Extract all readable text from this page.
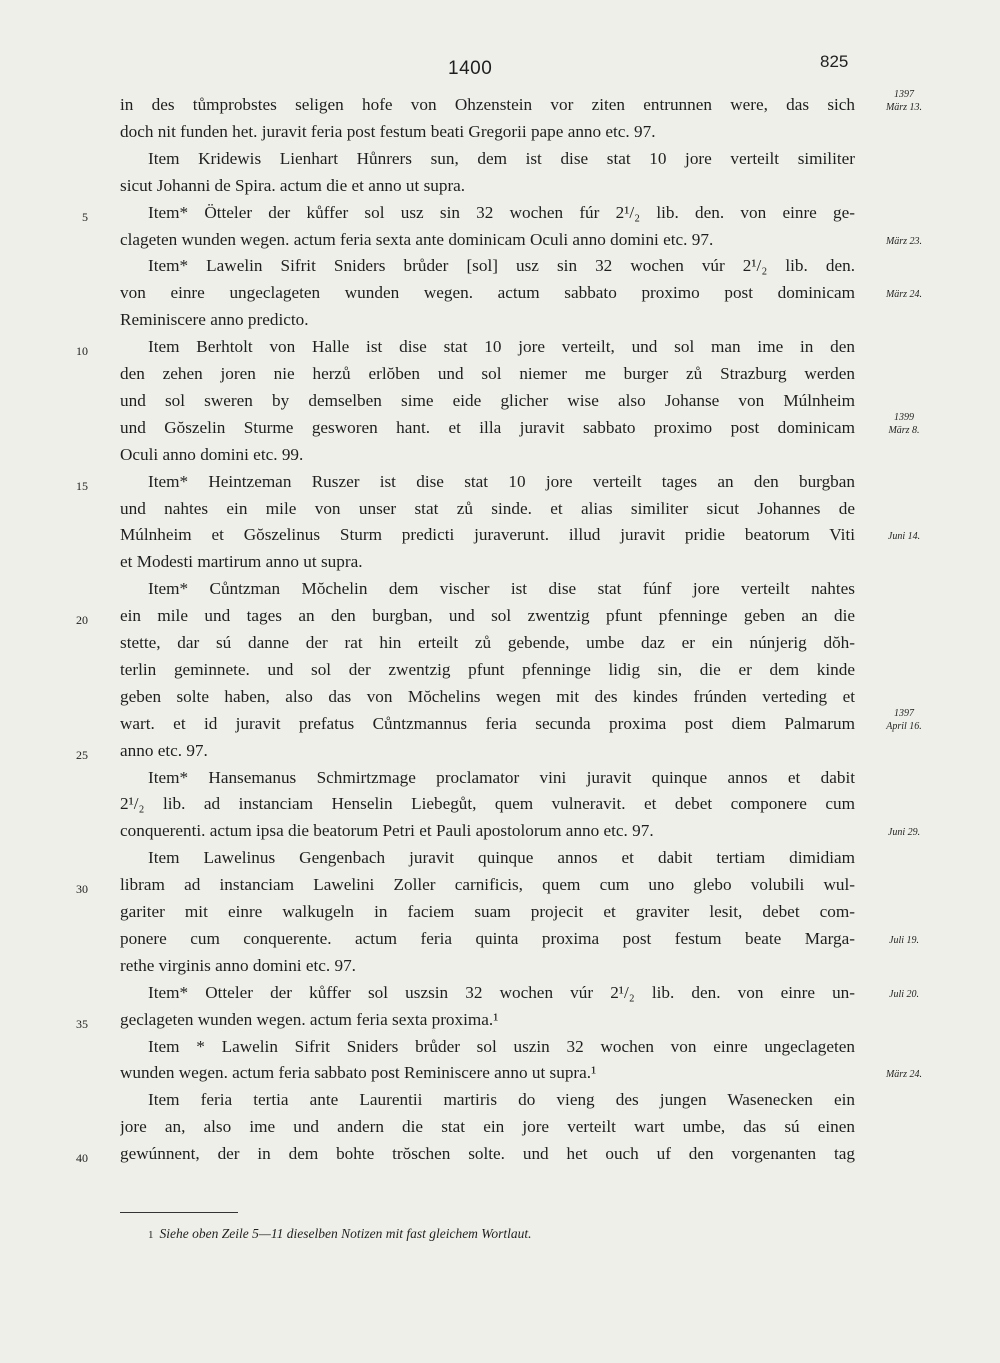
1400	825
in des tůmprobstes seligen hofe von Ohzenstein vor ziten entrunnen were, das sich
doch nit funden het. juravit feria post festum beati Gregorii pape anno etc. 97.
Item Kridewis Lienhart Hůnrers sun, dem ist dise stat 10 jore verteilt similiter
sicut Johanni de Spira. actum die et anno ut supra.
Item* Ötteler der kůffer sol usz sin 32 wochen fúr 2¹/₂ lib. den. von einre ge-
clageten wunden wegen. actum feria sexta ante dominicam Oculi anno domini etc. 97.
Item* Lawelin Sifrit Sniders brůder [sol] usz sin 32 wochen vúr 2¹/₂ lib. den.
von einre ungeclageten wunden wegen. actum sabbato proximo post dominicam
Reminiscere anno predicto.
Item Berhtolt von Halle ist dise stat 10 jore verteilt, und sol man ime in den
den zehen joren nie herzů erlŏben und sol niemer me burger zů Strazburg werden
und sol sweren by demselben sime eide glicher wise also Johanse von Múlnheim
und Gŏszelin Sturme gesworen hant. et illa juravit sabbato proximo post dominicam
Oculi anno domini etc. 99.
Item* Heintzeman Ruszer ist dise stat 10 jore verteilt tages an den burgban
und nahtes ein mile von unser stat zů sinde. et alias similiter sicut Johannes de
Múlnheim et Gŏszelinus Sturm predicti juraverunt. illud juravit pridie beatorum Viti
et Modesti martirum anno ut supra.
Item* Cůntzman Mŏchelin dem vischer ist dise stat fúnf jore verteilt nahtes
ein mile und tages an den burgban, und sol zwentzig pfunt pfenninge geben an die
stette, dar sú danne der rat hin erteilt zů gebende, umbe daz er ein núnjerig dŏh-
terlin geminnete. und sol der zwentzig pfunt pfenninge lidig sin, die er dem kinde
geben solte haben, also das von Mŏchelins wegen mit des kindes frúnden verteding et
wart. et id juravit prefatus Cůntzmannus feria secunda proxima post diem Palmarum
anno etc. 97.
Item* Hansemanus Schmirtzmage proclamator vini juravit quinque annos et dabit
2¹/₂ lib. ad instanciam Henselin Liebegůt, quem vulneravit. et debet componere cum
conquerenti. actum ipsa die beatorum Petri et Pauli apostolorum anno etc. 97.
Item Lawelinus Gengenbach juravit quinque annos et dabit tertiam dimidiam
libram ad instanciam Lawelini Zoller carnificis, quem cum uno glebo volubili wul-
gariter mit einre walkugeln in faciem suam projecit et graviter lesit, debet com-
ponere cum conquerente. actum feria quinta proxima post festum beate Marga-
rethe virginis anno domini etc. 97.
Item* Otteler der kůffer sol uszsin 32 wochen vúr 2¹/₂ lib. den. von einre un-
geclageten wunden wegen. actum feria sexta proxima.¹
Item * Lawelin Sifrit Sniders brůder sol uszin 32 wochen von einre ungeclageten
wunden wegen. actum feria sabbato post Reminiscere anno ut supra.¹
Item feria tertia ante Laurentii martiris do vieng des jungen Wasenecken ein
jore an, also ime und andern die stat ein jore verteilt wart umbe, das sú einen
gewúnnent, der in dem bohte trŏschen solte. und het ouch uf den vorgenanten tag
5
10
15
20
25
30
35
40
1397
März 13.
März 23.
März 24.
1399
März 8.
Juni 14.
1397
April 16.
Juni 29.
Juli 19.
Juli 20.
März 24.
1 Siehe oben Zeile 5—11 dieselben Notizen mit fast gleichem Wortlaut.
